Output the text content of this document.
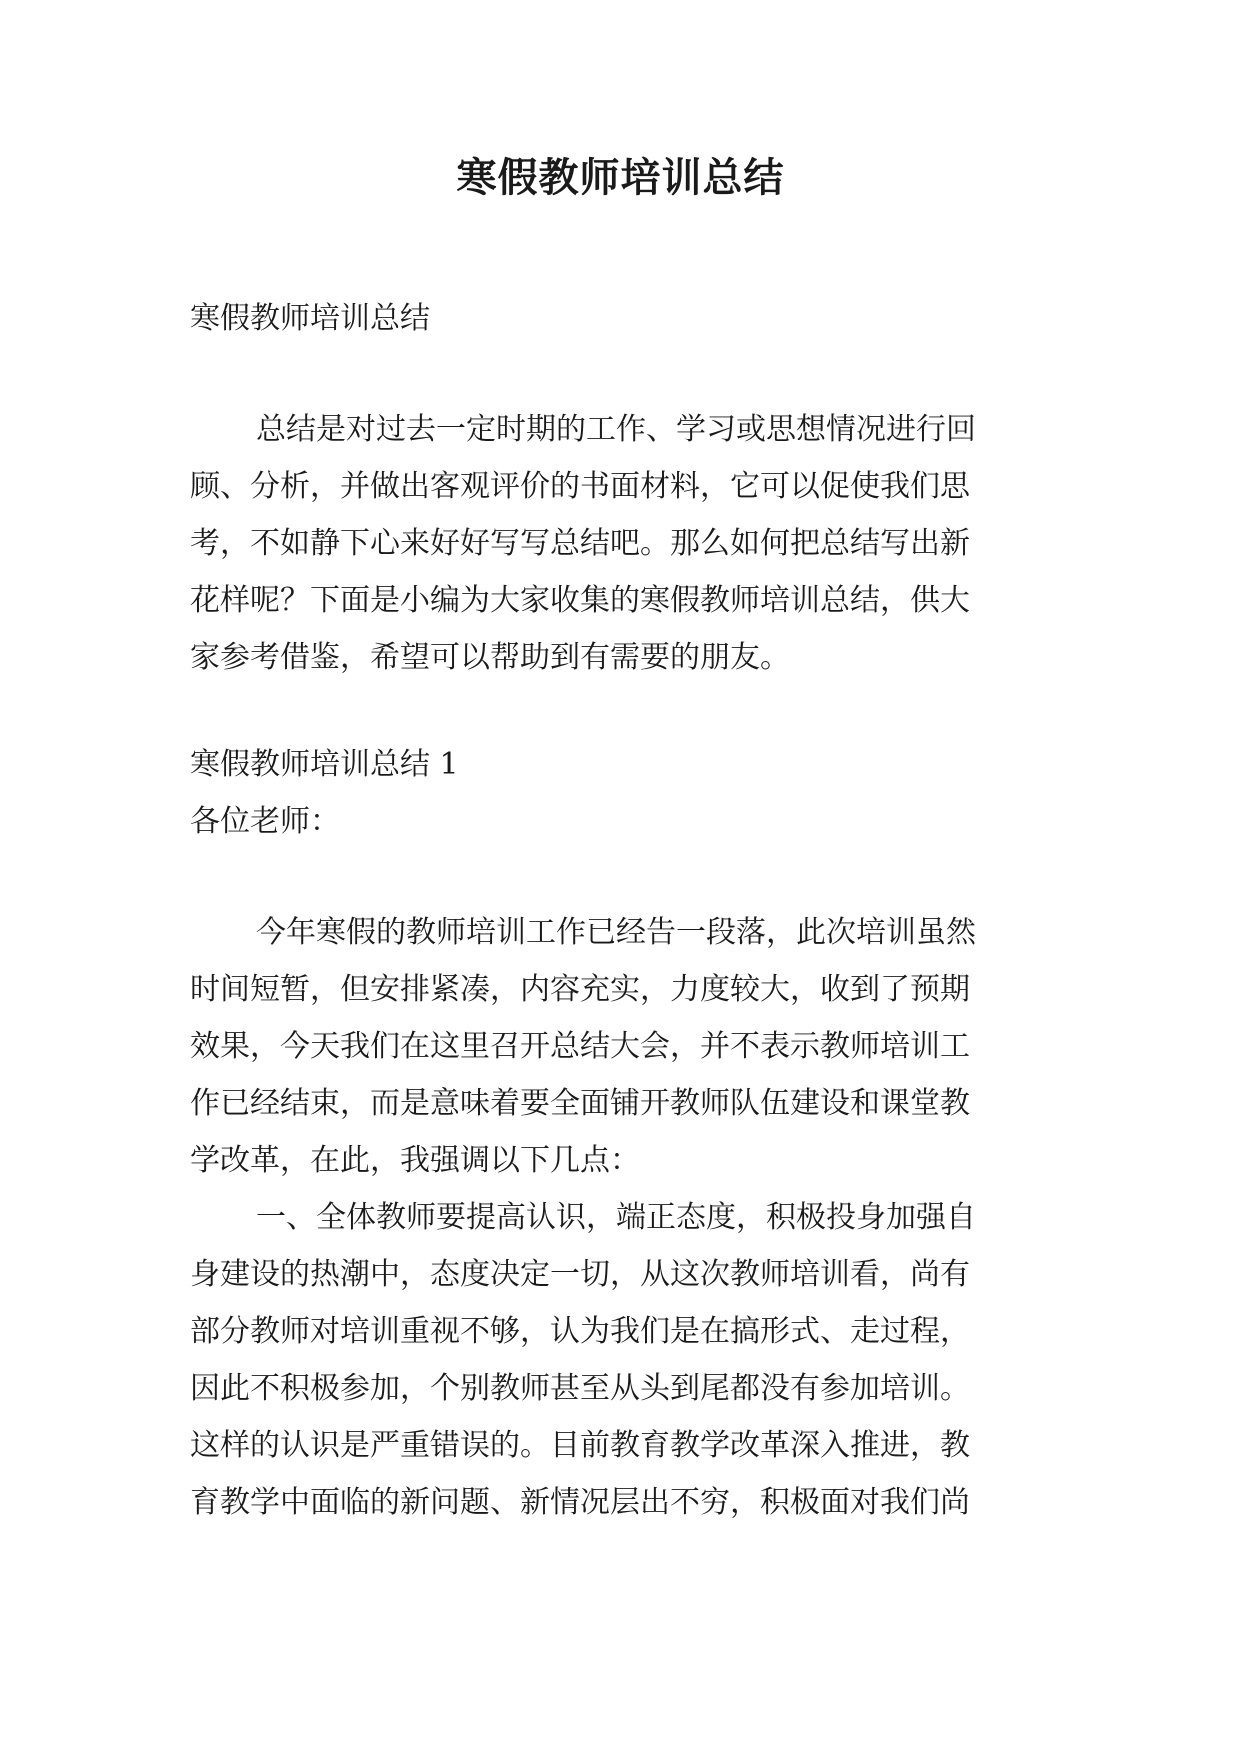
寒假教师培训总结

寒假教师培训总结

总结是对过去一定时期的工作、学习或思想情况进行回

顾、分析，并做出客观评价的书面材料，它可以促使我们思

考，不如静下心来好好写写总结吧。那么如何把总结写出新

花样呢？下面是小编为大家收集的寒假教师培训总结，供大

家参考借鉴，希望可以帮助到有需要的朋友。

寒假教师培训总结 1

各位老师：

今年寒假的教师培训工作已经告一段落，此次培训虽然

时间短暂，但安排紧凑，内容充实，力度较大，收到了预期

效果，今天我们在这里召开总结大会，并不表示教师培训工

作已经结束，而是意味着要全面铺开教师队伍建设和课堂教

学改革，在此，我强调以下几点：

一、全体教师要提高认识，端正态度，积极投身加强自

身建设的热潮中，态度决定一切，从这次教师培训看，尚有

部分教师对培训重视不够，认为我们是在搞形式、走过程，

因此不积极参加，个别教师甚至从头到尾都没有参加培训。

这样的认识是严重错误的。目前教育教学改革深入推进，教

育教学中面临的新问题、新情况层出不穷，积极面对我们尚
